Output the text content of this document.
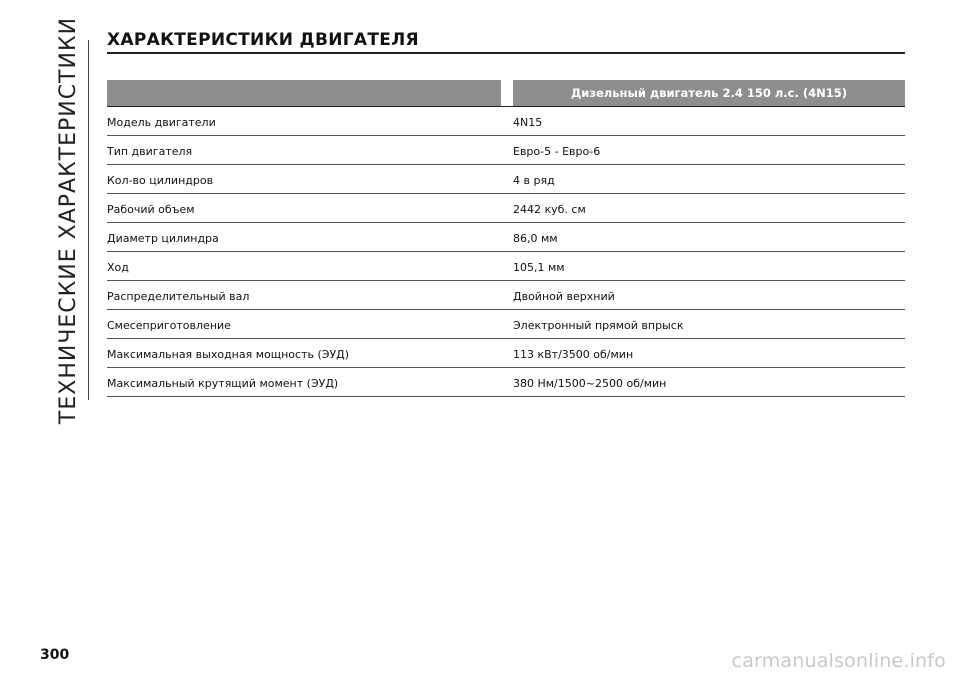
ТЕХНИЧЕСКИЕ ХАРАКТЕРИСТИКИ ХАРАКТЕРИСТИКИ ДВИГАТЕЛЯ
Дизельный двигатель 2.4 150 л.с. (4N15)
Модель двигатели	4N15
Тип двигателя	Евро-5 - Евро-6
Кол-во цилиндров	4 в ряд
Рабочий объем	2442 куб. см
Диаметр цилиндра	86,0 мм
Ход	105,1 мм
Распределительный вал	Двойной верхний
Смесеприготовление	Электронный прямой впрыск
Максимальная выходная мощность (ЭУД)	113 кВт/3500 об/мин
Максимальный крутящий момент (ЭУД)	380 Нм/1500~2500 об/мин
300	carmanualsonline.info
